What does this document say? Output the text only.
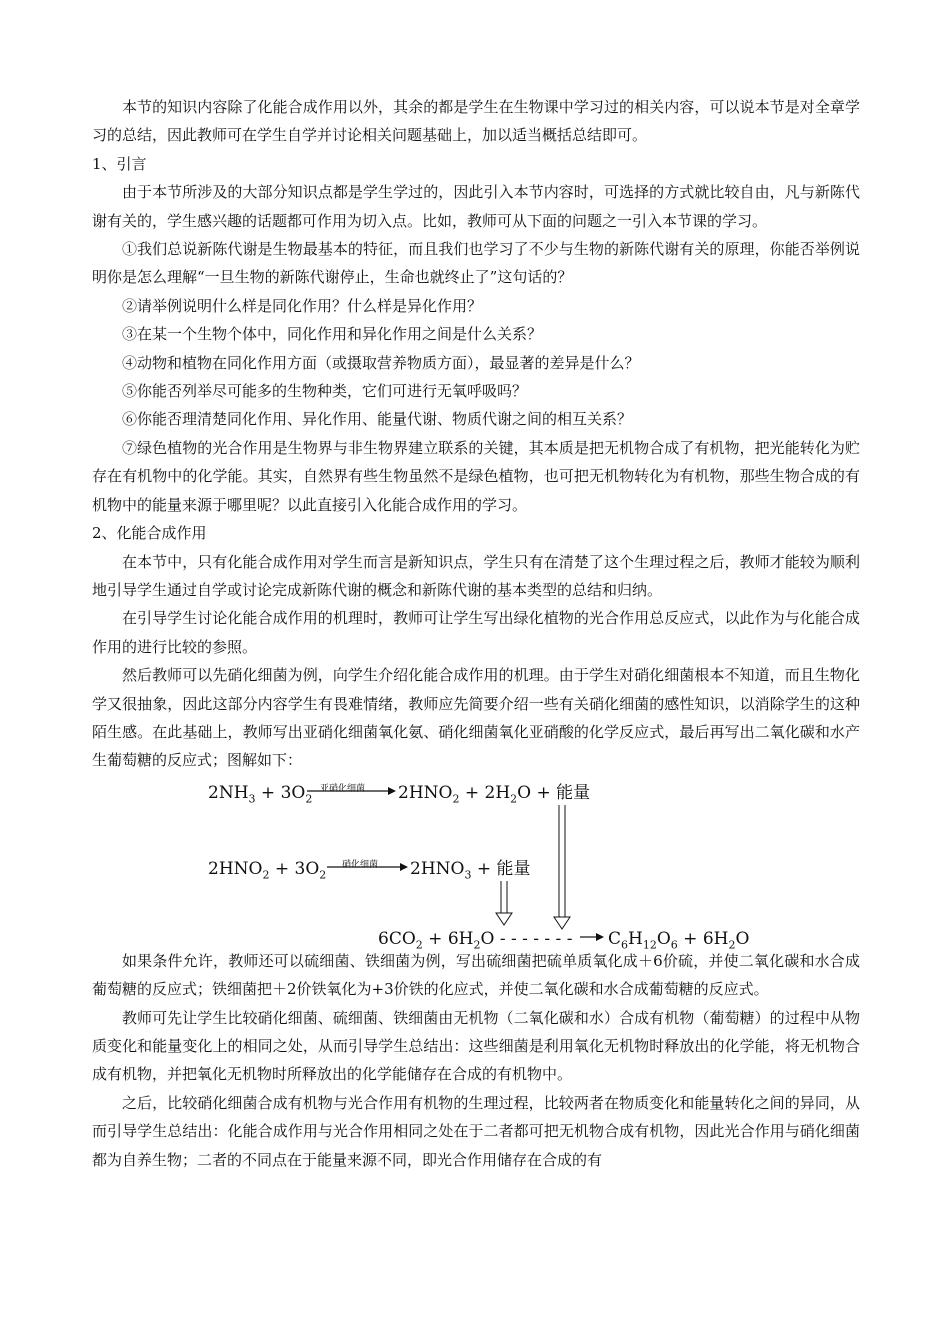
本节的知识内容除了化能合成作用以外，其余的都是学生在生物课中学习过的相关内容，可以说本节是对全章学习的总结，因此教师可在学生自学并讨论相关问题基础上，加以适当概括总结即可。

1、引言

由于本节所涉及的大部分知识点都是学生学过的，因此引入本节内容时，可选择的方式就比较自由，凡与新陈代谢有关的，学生感兴趣的话题都可作用为切入点。比如，教师可从下面的问题之一引入本节课的学习。

①我们总说新陈代谢是生物最基本的特征，而且我们也学习了不少与生物的新陈代谢有关的原理，你能否举例说明你是怎么理解“一旦生物的新陈代谢停止，生命也就终止了”这句话的？

②请举例说明什么样是同化作用？什么样是异化作用？

③在某一个生物个体中，同化作用和异化作用之间是什么关系？

④动物和植物在同化作用方面（或摄取营养物质方面），最显著的差异是什么？

⑤你能否列举尽可能多的生物种类，它们可进行无氧呼吸吗？

⑥你能否理清楚同化作用、异化作用、能量代谢、物质代谢之间的相互关系？

⑦绿色植物的光合作用是生物界与非生物界建立联系的关键，其本质是把无机物合成了有机物，把光能转化为贮存在有机物中的化学能。其实，自然界有些生物虽然不是绿色植物，也可把无机物转化为有机物，那些生物合成的有机物中的能量来源于哪里呢？以此直接引入化能合成作用的学习。

2、化能合成作用

在本节中，只有化能合成作用对学生而言是新知识点，学生只有在清楚了这个生理过程之后，教师才能较为顺利地引导学生通过自学或讨论完成新陈代谢的概念和新陈代谢的基本类型的总结和归纳。

在引导学生讨论化能合成作用的机理时，教师可让学生写出绿化植物的光合作用总反应式，以此作为与化能合成作用的进行比较的参照。

然后教师可以先硝化细菌为例，向学生介绍化能合成作用的机理。由于学生对硝化细菌根本不知道，而且生物化学又很抽象，因此这部分内容学生有畏难情绪，教师应先简要介绍一些有关硝化细菌的感性知识，以消除学生的这种陌生感。在此基础上，教师写出亚硝化细菌氧化氨、硝化细菌氧化亚硝酸的化学反应式，最后再写出二氧化碳和水产生葡萄糖的反应式；图解如下：

亚硝化细菌
硝化细菌
$2NH_3 + 3O_2$	$2HNO_2 + 2H_2O$ + 能量
$2HNO_2 + 3O_2$	$2HNO_3$ + 能量
$6CO_2 + 6H_2O$ - - - - - - - $C_6H_{12}O_6 + 6H_2O$

如果条件允许，教师还可以硫细菌、铁细菌为例，写出硫细菌把硫单质氧化成＋6价硫，并使二氧化碳和水合成葡萄糖的反应式；铁细菌把＋2价铁氧化为+3价铁的化应式，并使二氧化碳和水合成葡萄糖的反应式。

教师可先让学生比较硝化细菌、硫细菌、铁细菌由无机物（二氧化碳和水）合成有机物（葡萄糖）的过程中从物质变化和能量变化上的相同之处，从而引导学生总结出：这些细菌是利用氧化无机物时释放出的化学能，将无机物合成有机物，并把氧化无机物时所释放出的化学能储存在合成的有机物中。

之后，比较硝化细菌合成有机物与光合作用有机物的生理过程，比较两者在物质变化和能量转化之间的异同，从而引导学生总结出：化能合成作用与光合作用相同之处在于二者都可把无机物合成有机物，因此光合作用与硝化细菌都为自养生物；二者的不同点在于能量来源不同，即光合作用储存在合成的有
